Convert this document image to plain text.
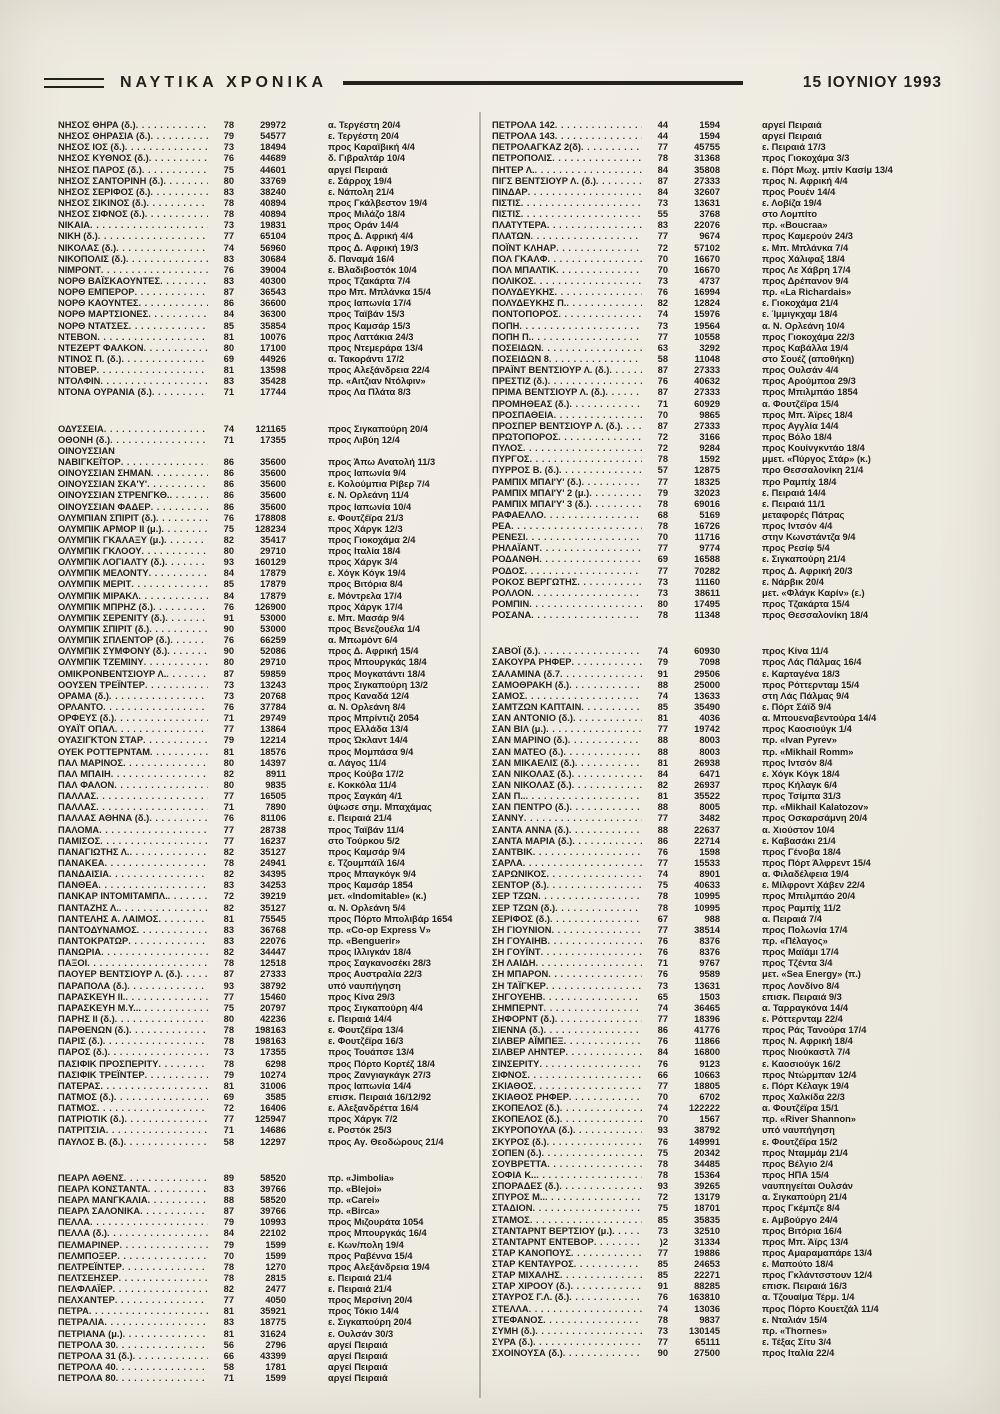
ΝΑΥΤΙΚΑ ΧΡΟΝΙΚΑ	15 ΙΟΥΝΙΟΥ 1993
ΝΗΣΟΣ ΘΗΡΑ (δ.) . . .	78	29972	α. Τεργέστη 20/4
ΝΗΣΟΣ ΘΗΡΑΣΙΑ (δ.) . . .	79	54577	ε. Τεργέστη 20/4
ΝΗΣΟΣ ΙΟΣ (δ.) . . .	73	18494	προς Καραϊβική 4/4
ΝΗΣΟΣ ΚΥΘΝΟΣ (δ.) . . .	76	44689	δ. Γιβραλτάρ 10/4
ΝΗΣΟΣ ΠΑΡΟΣ (δ.) . . .	75	44601	αργεί Πειραιά
ΝΗΣΟΣ ΣΑΝΤΟΡΙΝΗ (δ.) . . .	80	33769	ε. Σάρροχ 19/4
ΝΗΣΟΣ ΣΕΡΙΦΟΣ (δ.) . . .	83	38240	ε. Νάπολη 21/4
ΝΗΣΟΣ ΣΙΚΙΝΟΣ (δ.) . . .	78	40894	προς Γκάλβεστον 19/4
ΝΗΣΟΣ ΣΙΦΝΟΣ (δ.) . . .	78	40894	προς Μιλάζο 18/4
ΝΙΚΑΙΑ . . .	73	19831	προς Οράν 14/4
ΝΙΚΗ (δ.) . . .	77	65104	προς Δ. Αφρική 4/4
ΝΙΚΟΛΑΣ (δ.) . . .	74	56960	προς Δ. Αφρική 19/3
ΝΙΚΟΠΟΛΙΣ (δ.) . . .	83	30684	δ. Παναμά 16/4
ΝΙΜΡΟΝΤ . . .	76	39004	ε. Βλαδιβοστόκ 10/4
ΝΟΡΘ ΒΑΪΣΚΑΟΥΝΤΕΣ . . .	83	40300	προς Τζακάρτα 7/4
ΝΟΡΘ ΕΜΠΕΡΟΡ . . .	87	36543	προ Μπ. Μπλάνκα 15/4
ΝΟΡΘ ΚΑΟΥΝΤΕΣ . . .	86	36600	προς Ιαπωνία 17/4
ΝΟΡΘ ΜΑΡΤΣΙΟΝΕΣ . . .	84	36300	προς Ταϊβάν 15/3
ΝΟΡΘ ΝΤΑΤΣΕΣ . . .	85	35854	προς Καμσάρ 15/3
ΝΤΕΒΟΝ . . .	81	10076	προς Λαττάκια 24/3
ΝΤΕΖΕΡΤ ΦΑΛΚΟΝ . . .	80	17100	προς Ντεμεράρα 13/4
ΝΤΙΝΟΣ Π. (δ.) . . .	69	44926	α. Τακοράντι 17/2
ΝΤΟΒΕΡ . . .	81	13598	προς Αλεξάνδρεια 22/4
ΝΤΟΛΦΙΝ . . .	83	35428	πρ. «Αιτζιαν Ντόλφιν»
ΝΤΟΝΑ ΟΥΡΑΝΙΑ (δ.) . . .	71	17744	προς Λα Πλάτα 8/3
ΟΔΥΣΣΕΙΑ . . .	74	121165	προς Σιγκαπούρη 20/4
ΟΘΟΝΗ (δ.) . . .	71	17355	προς Λιβύη 12/4
ΟΙΝΟΥΣΣΙΑΝ
ΝΑΒΙΓΚΕΪΤΟΡ . . .	86	35600	προς Άπω Ανατολή 11/3
ΟΙΝΟΥΣΣΙΑΝ ΣΗΜΑΝ . . .	86	35600	προς Ιαπωνία 9/4
ΟΙΝΟΥΣΣΙΑΝ ΣΚΑ'Υ' . . .	86	35600	ε. Κολούμπια Ρίβερ 7/4
ΟΙΝΟΥΣΣΙΑΝ ΣΤΡΕΝΓΚΘ. . . .	86	35600	ε. Ν. Ορλεάνη 11/4
ΟΙΝΟΥΣΣΙΑΝ ΦΑΔΕΡ . . .	86	35600	προς Ιαπωνία 10/4
ΟΛΥΜΠΙΑΝ ΣΠΙΡΙΤ (δ.) . . .	76	178808	ε. Φουτζέϊρα 21/3
ΟΛΥΜΠΙΚ ΑΡΜΟΡ ΙΙ (μ.) . . .	75	128234	προς Χάργκ 12/3
ΟΛΥΜΠΙΚ ΓΚΑΛΑΞΥ (μ.) . . .	82	35417	προς Γιοκοχάμα 2/4
ΟΛΥΜΠΙΚ ΓΚΛΟΟΥ . . .	80	29710	προς Ιταλία 18/4
ΟΛΥΜΠΙΚ ΛΟΓΙΑΛΤΥ (δ.) . . .	93	160129	προς Χάργκ 3/4
ΟΛΥΜΠΙΚ ΜΕΛΟΝΤΥ . . .	84	17879	ε. Χόγκ Κόγκ 19/4
ΟΛΥΜΠΙΚ ΜΕΡΙΤ . . .	85	17879	προς Βιτόρια 8/4
ΟΛΥΜΠΙΚ ΜΙΡΑΚΛ . . .	84	17879	ε. Μόντρελα 17/4
ΟΛΥΜΠΙΚ ΜΠΡΗΖ (δ.) . . .	76	126900	προς Χάργκ 17/4
ΟΛΥΜΠΙΚ ΣΕΡΕΝΙΤΥ (δ.) . . .	91	53000	ε. Μπ. Μασάρ 9/4
ΟΛΥΜΠΙΚ ΣΠΙΡΙΤ (δ.) . . .	90	53000	προς Βενεζουέλα 1/4
ΟΛΥΜΠΙΚ ΣΠΛΕΝΤΟΡ (δ.) . . .	76	66259	α. Μπωμόντ 6/4
ΟΛΥΜΠΙΚ ΣΥΜΦΟΝΥ (δ.) . . .	90	52086	προς Δ. Αφρική 15/4
ΟΛΥΜΠΙΚ ΤΖΕΜΙΝΥ . . .	80	29710	προς Μπουργκάς 18/4
ΟΜΙΚΡΟΝΒΕΝΤΣΙΟΥΡ Λ. . . .	87	59859	προς Μογκατάντι 18/4
ΟΟΥΣΕΝ ΤΡΕΪΝΤΕΡ . . .	73	13243	προς Σιγκαπούρη 13/2
ΟΡΑΜΑ (δ.) . . .	73	20768	προς Καναδά 12/4
ΟΡΛΑΝΤΟ . . .	76	37784	α. Ν. Ορλεάνη 8/4
ΟΡΦΕΥΣ (δ.) . . .	71	29749	προς Μπρίντιζι 2054
ΟΥΑΪΤ ΟΠΑΛ . . .	77	13864	προς Ελλάδα 13/4
ΟΥΑΣΙΓΚΤΟΝ ΣΤΑΡ . . .	79	12214	προς Ώκλαντ 14/4
ΟΥΕΚ ΡΟΤΤΕΡΝΤΑΜ . . .	81	18576	προς Μομπάσα 9/4
ΠΑΛ ΜΑΡΙΝΟΣ . . .	80	14397	α. Λάγος 11/4
ΠΑΛ ΜΠΑΙΗ . . .	82	8911	προς Κούβα 17/2
ΠΑΛ ΦΑΛΟΝ . . .	80	9835	ε. Κοκκόλα 11/4
ΠΑΛΛΑΣ . . .	77	16505	προς Σαγκάη 4/1
ΠΑΛΛΑΣ . . .	71	7890	ύψωσε σημ. Μπαχάμας
ΠΑΛΛΑΣ ΑΘΗΝΑ (δ.) . . .	76	81106	ε. Πειραιά 21/4
ΠΑΛΟΜΑ . . .	77	28738	προς Ταϊβάν 11/4
ΠΑΜΙΣΟΣ . . .	77	16237	στο Τούρκου 5/2
ΠΑΝΑΓΙΩΤΗΣ Λ. . . .	82	35127	προς Καμσάρ 9/4
ΠΑΝΑΚΕΑ . . .	78	24941	ε. Τζουμπάϊλ 16/4
ΠΑΝΔΑΙΣΙΑ . . .	82	34395	προς Μπαγκόγκ 9/4
ΠΑΝΘΕΑ . . .	83	34253	προς Καμσάρ 1854
ΠΑΝΚΑΡ ΙΝΤΟΜΙΤΑΜΠΛ. . . .	72	39219	μετ. «Indomitable» (κ.)
ΠΑΝΤΑΖΗΣ Λ. . . .	82	35127	α. Ν. Ορλεάνη 5/4
ΠΑΝΤΕΛΗΣ Α. ΛΑΙΜΟΣ . . .	81	75545	προς Πόρτο Μπολιβάρ 1654
ΠΑΝΤΟΔΥΝΑΜΟΣ . . .	83	36768	πρ. «Co-op Express V»
ΠΑΝΤΟΚΡΑΤΩΡ . . .	83	22076	πρ. «Benguerir»
ΠΑΝΩΡΙΑ . . .	82	34447	προς Ιλλιγκάν 18/4
ΠΑΞΟΙ . . .	78	12518	προς Σαγκανοσέκι 28/3
ΠΑΟΥΕΡ ΒΕΝΤΣΙΟΥΡ Λ. (δ.) . . .	87	27333	προς Αυστραλία 22/3
ΠΑΡΑΠΟΛΑ (δ.) . . .	93	38792	υπό ναυπήγηση
ΠΑΡΑΣΚΕΥΗ ΙΙ. . . .	77	15460	προς Κίνα 29/3
ΠΑΡΑΣΚΕΥΗ Μ.Υ.. . . .	75	20797	προς Σιγκαπούρη 4/4
ΠΑΡΗΣ ΙΙ (δ.) . . .	80	42236	ε. Πειραιά 14/4
ΠΑΡΘΕΝΩΝ (δ.) . . .	78	198163	ε. Φουτζέϊρα 13/4
ΠΑΡΙΣ (δ.) . . .	78	198163	ε. Φουτζέϊρα 16/3
ΠΑΡΟΣ (δ.) . . .	73	17355	προς Τουάπσε 13/4
ΠΑΣΙΦΙΚ ΠΡΟΣΠΕΡΙΤΥ . . .	78	6298	προς Πόρτο Κορτέζ 18/4
ΠΑΣΙΦΙΚ ΤΡΕΪΝΤΕΡ . . .	79	10274	προς Ζανγιαγκάγκ 27/3
ΠΑΤΕΡΑΣ . . .	81	31006	προς Ιαπωνία 14/4
ΠΑΤΜΟΣ (δ.) . . .	69	3585	επισκ. Πειραιά 16/12/92
ΠΑΤΜΟΣ . . .	72	16406	ε. Αλεξανδρέττα 16/4
ΠΑΤΡΙΟΤΙΚ (δ.) . . .	77	125947	προς Χάργκ 7/2
ΠΑΤΡΙΤΣΙΑ . . .	71	14686	ε. Ροστόκ 25/3
ΠΑΥΛΟΣ Β. (δ.) . . .	58	12297	προς Αγ. Θεοδώρους 21/4
ΠΕΑΡΛ ΑΘΕΝΣ . . .	89	58520	πρ. «Jimbolia»
ΠΕΑΡΛ ΚΟΝΣΤΑΝΤΑ . . .	83	39766	πρ. «Blejoi»
ΠΕΑΡΛ ΜΑΝΓΚΑΛΙΑ . . .	88	58520	πρ. «Carei»
ΠΕΑΡΛ ΣΑΛΟΝΙΚΑ . . .	87	39766	πρ. «Birca»
ΠΕΛΛΑ . . .	79	10993	προς Μιζουράτα 1054
ΠΕΛΛΑ (δ.) . . .	84	22102	προς Μπουργκάς 16/4
ΠΕΛΜΑΡΙΝΕΡ . . .	79	1599	ε. Κων/πολη 19/4
ΠΕΛΜΠΟΞΕΡ . . .	70	1599	προς Ραβέννα 15/4
ΠΕΛΤΡΕΪΝΤΕΡ . . .	78	1270	προς Αλεξάνδρεια 19/4
ΠΕΛΤΣΕΗΣΕΡ . . .	78	2815	ε. Πειραιά 21/4
ΠΕΛΦΛΑΪΕΡ . . .	82	2477	ε. Πειραιά 21/4
ΠΕΛΧΑΝΤΕΡ . . .	77	4050	προς Μερσίνη 20/4
ΠΕΤΡΑ . . .	81	35921	προς Τόκιο 14/4
ΠΕΤΡΑΛΙΑ . . .	83	18775	ε. Σιγκαπούρη 20/4
ΠΕΤΡΙΑΝΑ (μ.) . . .	81	31624	ε. Ουλσάν 30/3
ΠΕΤΡΟΛΑ 30 . . .	56	2796	αργεί Πειραιά
ΠΕΤΡΟΛΑ 31 (δ.) . . .	66	43399	αργεί Πειραιά
ΠΕΤΡΟΛΑ 40 . . .	58	1781	αργεί Πειραιά
ΠΕΤΡΟΛΑ 80 . . .	71	1599	αργεί Πειραιά
ΠΕΤΡΟΛΑ 142 . . .	44	1594	αργεί Πειραιά
ΠΕΤΡΟΛΑ 143 . . .	44	1594	αργεί Πειραιά
ΠΕΤΡΟΛΑΓΚΑΖ 2(δ) . . .	77	45755	ε. Πειραιά 17/3
ΠΕΤΡΟΠΟΛΙΣ . . .	78	31368	προς Γιοκοχάμα 3/3
ΠΗΤΕΡ Λ. . . .	84	35808	ε. Πόρτ Μωχ. μπίν Κασίμ 13/4
ΠΙΓΣ ΒΕΝΤΣΙΟΥΡ Λ. (δ.) . . .	87	27333	προς Ν. Αφρική 4/4
ΠΙΝΔΑΡ . . .	84	32607	προς Ρουέν 14/4
ΠΙΣΤΙΣ . . .	73	13631	ε. Λοβίζα 19/4
ΠΙΣΤΙΣ . . .	55	3768	στο Λομπίτο
ΠΛΑΤΥΤΕΡΑ . . .	83	22076	πρ. «Boucraa»
ΠΛΑΤΩΝ . . .	77	9674	προς Καμερούν 24/3
ΠΟΪΝΤ ΚΛΗΑΡ . . .	72	57102	ε. Μπ. Μπλάνκα 7/4
ΠΟΛ ΓΚΑΛΦ . . .	70	16670	προς Χάλιφαξ 18/4
ΠΟΛ ΜΠΑΛΤΙΚ . . .	70	16670	προς Λε Χάβρη 17/4
ΠΟΛΙΚΟΣ . . .	73	4737	προς Δρέπανον 9/4
ΠΟΛΥΔΕΥΚΗΣ . . .	76	16994	πρ. «La Richardais»
ΠΟΛΥΔΕΥΚΗΣ Π. . . .	82	12824	ε. Γιοκοχάμα 21/4
ΠΟΝΤΟΠΟΡΟΣ . . .	74	15976	ε. Ίμμιγκχαμ 18/4
ΠΟΠΗ . . .	73	19564	α. Ν. Ορλεάνη 10/4
ΠΟΠΗ Π. . . .	77	10558	προς Γιοκοχάμα 22/3
ΠΟΣΕΙΔΩΝ . . .	63	3292	προς Καβάλλα 19/4
ΠΟΣΕΙΔΩΝ 8 . . .	58	11048	στο Σουέζ (αποθήκη)
ΠΡΑΪΝΤ ΒΕΝΤΣΙΟΥΡ Λ. (δ.) . . .	87	27333	προς Ουλσάν 4/4
ΠΡΕΣΤΙΖ (δ.) . . .	76	40632	προς Αρούμποα 29/3
ΠΡΙΜΑ ΒΕΝΤΣΙΟΥΡ Λ. (δ.) . . .	87	27333	προς Μπιλμπάο 1854
ΠΡΟΜΗΘΕΑΣ (δ.) . . .	71	60929	α. Φουτζέϊρα 15/4
ΠΡΟΣΠΑΘΕΙΑ . . .	70	9865	προς Μπ. Άϊρες 18/4
ΠΡΟΣΠΕΡ ΒΕΝΤΣΙΟΥΡ Λ. (δ.) . . .	87	27333	προς Αγγλία 14/4
ΠΡΩΤΟΠΟΡΟΣ . . .	72	3166	προς Βόλο 18/4
ΠΥΛΟΣ . . .	72	9284	προς Κουίνγκντάο 18/4
ΠΥΡΓΟΣ . . .	78	1592	μμετ. «Πύργος Στάρ» (κ.)
ΠΥΡΡΟΣ Β. (δ.) . . .	57	12875	προ Θεσσαλονίκη 21/4
ΡΑΜΠΙΧ ΜΠΑΙ'Υ' (δ.) . . .	77	18325	προ Ραμπίχ 18/4
ΡΑΜΠΙΧ ΜΠΑΙ'Υ' 2 (μ.) . . .	79	32023	ε. Πειραιά 14/4
ΡΑΜΠΙΧ ΜΠΑΙ'Υ' 3 (δ.) . . .	78	69016	ε. Πειραιά 11/1
ΡΑΦΑΕΛΛΟ . . .	68	5169	μεταφορές Πάτρας
ΡΕΑ . . .	78	16726	προς Ιντσόν 4/4
ΡΕΝΕΣΙ . . .	70	11716	στην Κωνστάντζα 9/4
ΡΗΛΑΪΑΝΤ . . .	77	9774	προς Ρεσίφ 5/4
ΡΟΔΑΝΘΗ . . .	69	16588	ε. Σιγκαπούρη 21/4
ΡΟΔΟΣ . . .	77	70282	προς Δ. Αφρική 20/3
ΡΟΚΟΣ ΒΕΡΓΩΤΗΣ . . .	73	11160	ε. Νάρβικ 20/4
ΡΟΛΛΟΝ . . .	73	38611	μετ. «Φλάγκ Καρίν» (ε.)
ΡΟΜΠΙΝ . . .	80	17495	προς Τζακάρτα 15/4
ΡΟΣΑΝΑ . . .	78	11348	προς Θεσσαλονίκη 18/4
ΣΑΒΟΪ (δ.) . . .	74	60930	προς Κίνα 11/4
ΣΑΚΟΥΡΑ ΡΗΦΕΡ . . .	79	7098	προς Λάς Πάλμας 16/4
ΣΑΛΑΜΙΝΑ (δ.7 . . .	91	29506	ε. Καρταγένα 18/3
ΣΑΜΟΘΡΑΚΗ (δ.) . . .	88	25000	προς Ρόττερνταμ 15/4
ΣΑΜΟΣ . . .	74	13633	στη Λάς Πάλμας 9/4
ΣΑΜΤΖΩΝ ΚΑΠΤΑΙΝ . . .	85	35490	ε. Πόρτ Σάϊδ 9/4
ΣΑΝ ΑΝΤΟΝΙΟ (δ.) . . .	81	4036	α. Μπουεναβεντούρα 14/4
ΣΑΝ ΒΙΛ (μ.) . . .	77	19742	προς Καοσιούγκ 1/4
ΣΑΝ ΜΑΡΙΝΟ (δ.) . . .	88	8003	πρ. «Ivan Pyrev»
ΣΑΝ ΜΑΤΕΟ (δ.) . . .	88	8003	πρ. «Mikhail Romm»
ΣΑΝ ΜΙΚΑΕΛΙΣ (δ.) . . .	81	26938	προς Ιντσόν 8/4
ΣΑΝ ΝΙΚΟΛΑΣ (δ.) . . .	84	6471	ε. Χόγκ Κόγκ 18/4
ΣΑΝ ΝΙΚΟΛΑΣ (δ.) . . .	82	26937	προς Κήλαγκ 6/4
ΣΑΝ Π.. . . .	81	35522	προς Τσίμπα 31/3
ΣΑΝ ΠΕΝΤΡΟ (δ.) . . .	88	8005	πρ. «Mikhail Kalatozov»
ΣΑΝΝΥ . . .	77	3482	προς Οσκαρσάμνη 20/4
ΣΑΝΤΑ ΑΝΝΑ (δ.) . . .	88	22637	α. Χιούστον 10/4
ΣΑΝΤΑ ΜΑΡΙΑ (δ.) . . .	86	22714	ε. Καβασάκι 21/4
ΣΑΝΤΒΙΚ . . .	76	1598	προς Γένοβα 18/4
ΣΑΡΛΑ . . .	77	15533	προς Πόρτ Άλφρεντ 15/4
ΣΑΡΩΝΙΚΟΣ . . .	74	8901	α. Φιλαδέλφεια 19/4
ΣΕΝΤΟΡ (δ.) . . .	75	40633	ε. Μίλφροντ Χάβεν 22/4
ΣΕΡ ΤΖΩΝ . . .	78	10995	προς Μπιλμπάο 20/4
ΣΕΡ ΤΖΩΝ (δ.) . . .	78	10995	προς Ραμπίχ 11/2
ΣΕΡΙΦΟΣ (δ.) . . .	67	988	α. Πειραιά 7/4
ΣΗ ΓΙΟΥΝΙΟΝ . . .	77	38514	προς Πολωνία 17/4
ΣΗ ΓΟΥΑΙΗΒ . . .	76	8376	πρ. «Πέλαγος»
ΣΗ ΓΟΥΪΝΤ . . .	76	8376	προς Μαϊάμι 17/4
ΣΗ ΛΑΙΔΗ . . .	71	9767	προς Τζέντα 3/4
ΣΗ ΜΠΑΡΟΝ . . .	76	9589	μετ. «Sea Energy» (π.)
ΣΗ ΤΑΪΓΚΕΡ . . .	73	13631	προς Λονδίνο 8/4
ΣΗΓΟΥΕΗΒ . . .	65	1503	επισκ. Πειραιά 9/3
ΣΗΜΠΕΡΝΤ . . .	74	36465	α. Ταρραγκόνα 14/4
ΣΗΦΟΡΝΤ (δ.) . . .	77	18396	ε. Ρόττερνταμ 22/4
ΣΙΕΝΝΑ (δ.) . . .	86	41776	προς Ράς Τανούρα 17/4
ΣΙΛΒΕΡ ΑΪΜΠΕΞ . . .	76	11866	προς Ν. Αφρική 18/4
ΣΙΛΒΕΡ ΛΗΝΤΕΡ . . .	84	16800	προς Νιούκαστλ 7/4
ΣΙΝΣΕΡΙΤΥ . . .	76	9123	ε. Καοσιούγκ 16/2
ΣΙΦΝΟΣ . . .	66	10663	προς Ντώρμπαν 12/4
ΣΚΙΑΘΟΣ . . .	77	18805	ε. Πόρτ Κέλαγκ 19/4
ΣΚΙΑΘΟΣ ΡΗΦΕΡ . . .	70	6702	προς Χαλκίδα 22/3
ΣΚΟΠΕΛΟΣ (δ.) . . .	74	122222	α. Φουτζέϊρα 15/1
ΣΚΟΠΕΛΟΣ (δ.) . . .	70	1567	πρ. «River Shannon»
ΣΚΥΡΟΠΟΥΛΑ (δ.) . . .	93	38792	υπό ναυπήγηση
ΣΚΥΡΟΣ (δ.) . . .	76	149991	ε. Φουτζέϊρα 15/2
ΣΟΠΕΝ (δ.) . . .	75	20342	προς Νταμμάμ 21/4
ΣΟΥΒΡΕΤΤΑ . . .	78	34485	προς Βέλγιο 2/4
ΣΟΦΙΑ Κ.. . . .	78	15364	προς ΗΠΑ 15/4
ΣΠΟΡΑΔΕΣ (δ.) . . .	93	39265	ναυπηγείται Ουλσάν
ΣΠΥΡΟΣ Μ.. . . .	72	13179	α. Σιγκαπούρη 21/4
ΣΤΑΔΙΟΝ . . .	75	18701	προς Γκέμπζε 8/4
ΣΤΑΜΟΣ . . .	85	35835	ε. Αμβούργο 24/4
ΣΤΑΝΤΑΡΝΤ ΒΕΡΤΣΙΟΥ (μ.) . . .	73	32510	προς Βιτόρια 16/4
ΣΤΑΝΤΑΡΝΤ ΕΝΤΕΒΟΡ . . .	)2	31334	προς Μπ. Άϊρς 13/4
ΣΤΑΡ ΚΑΝΟΠΟΥΣ . . .	77	19886	προς Αμαραμαπάρε 13/4
ΣΤΑΡ ΚΕΝΤΑΥΡΟΣ . . .	85	24653	ε. Μαπούτο 18/4
ΣΤΑΡ ΜΙΧΑΛΗΣ . . .	85	22271	προς Γκλάντσστουν 12/4
ΣΤΑΡ ΧΙΡΟΟΥ (δ.) . . .	91	88285	επισκ. Πειραιά 16/3
ΣΤΑΥΡΟΣ Γ.Λ. (δ.) . . .	76	163810	α. Τζουαίμα Τέρμ. 1/4
ΣΤΕΛΛΑ . . .	74	13036	προς Πόρτο Κουετζάλ 11/4
ΣΤΕΦΑΝΟΣ . . .	78	9837	ε. Νταλιάν 15/4
ΣΥΜΗ (δ.) . . .	73	130145	πρ. «Thornes»
ΣΥΡΑ (δ.) . . .	77	65111	ε. Τέξας Σίτυ 3/4
ΣΧΟΙΝΟΥΣΑ (δ.) . . .	90	27500	προς Ιταλία 22/4
